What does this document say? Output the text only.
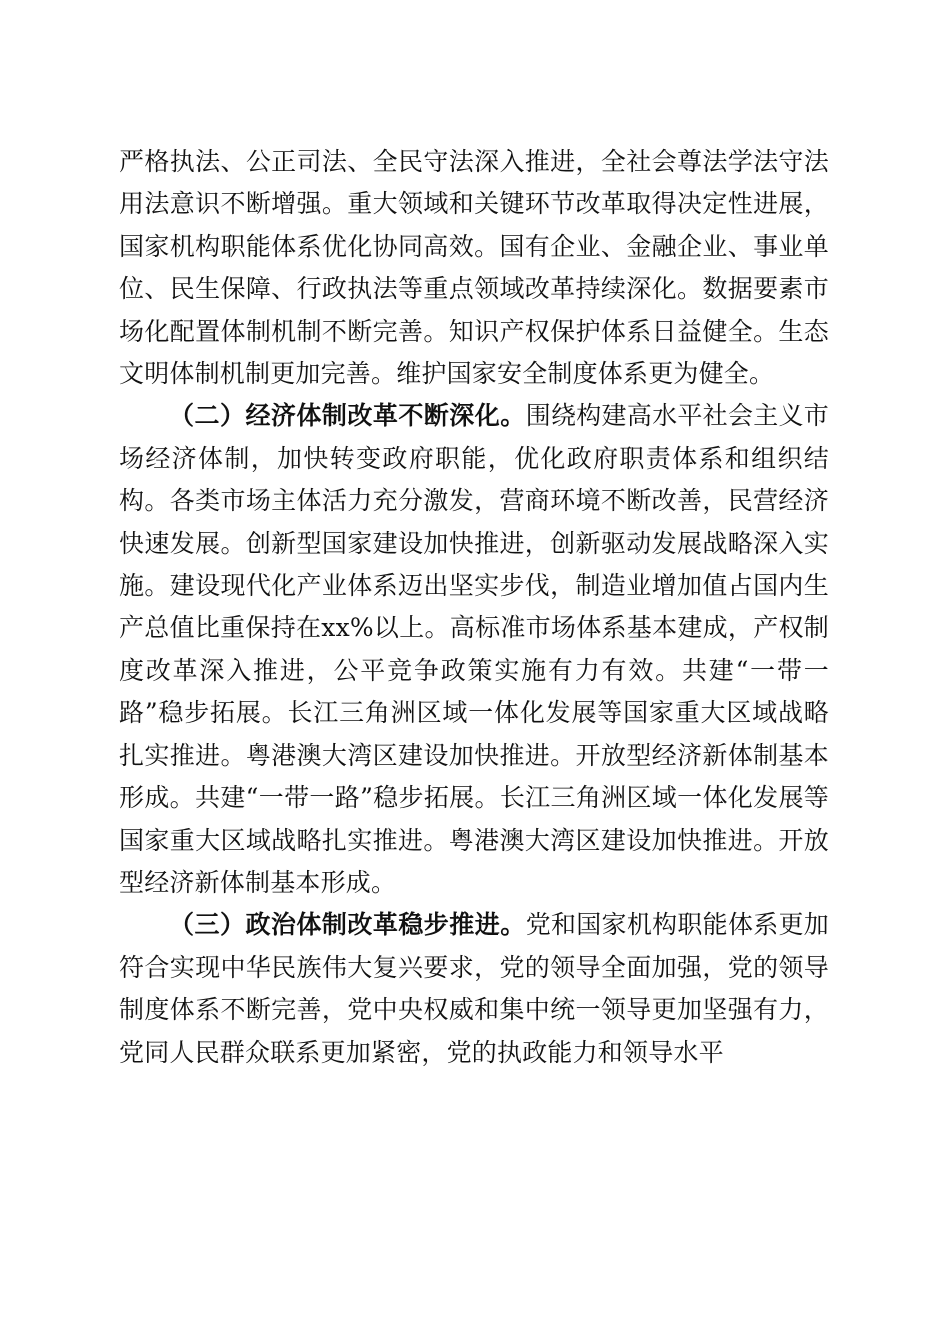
严格执法、公正司法、全民守法深入推进，全社会尊法学法守法用法意识不断增强。重大领域和关键环节改革取得决定性进展，国家机构职能体系优化协同高效。国有企业、金融企业、事业单位、民生保障、行政执法等重点领域改革持续深化。数据要素市场化配置体制机制不断完善。知识产权保护体系日益健全。生态文明体制机制更加完善。维护国家安全制度体系更为健全。

（二）经济体制改革不断深化。围绕构建高水平社会主义市场经济体制，加快转变政府职能，优化政府职责体系和组织结构。各类市场主体活力充分激发，营商环境不断改善，民营经济快速发展。创新型国家建设加快推进，创新驱动发展战略深入实施。建设现代化产业体系迈出坚实步伐，制造业增加值占国内生产总值比重保持在xx%以上。高标准市场体系基本建成，产权制度改革深入推进，公平竞争政策实施有力有效。共建“一带一路”稳步拓展。长江三角洲区域一体化发展等国家重大区域战略扎实推进。粤港澳大湾区建设加快推进。开放型经济新体制基本形成。共建“一带一路”稳步拓展。长江三角洲区域一体化发展等国家重大区域战略扎实推进。粤港澳大湾区建设加快推进。开放型经济新体制基本形成。

（三）政治体制改革稳步推进。党和国家机构职能体系更加符合实现中华民族伟大复兴要求，党的领导全面加强，党的领导制度体系不断完善，党中央权威和集中统一领导更加坚强有力，党同人民群众联系更加紧密，党的执政能力和领导水平
